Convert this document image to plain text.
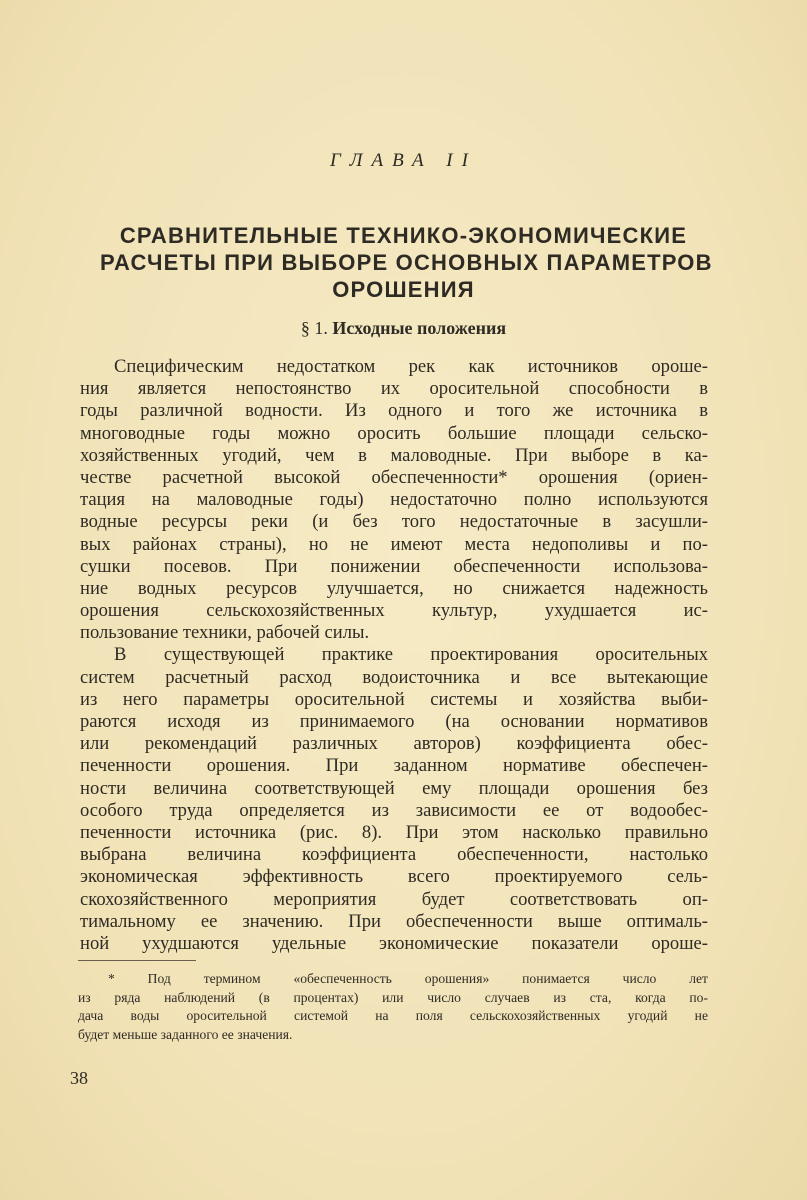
ГЛАВА II
СРАВНИТЕЛЬНЫЕ ТЕХНИКО-ЭКОНОМИЧЕСКИЕ
РАСЧЕТЫ ПРИ ВЫБОРЕ ОСНОВНЫХ ПАРАМЕТРОВ
ОРОШЕНИЯ
§ 1. Исходные положения
Специфическим недостатком рек как источников ороше-
ния является непостоянство их оросительной способности в
годы различной водности. Из одного и того же источника в
многоводные годы можно оросить большие площади сельско-
хозяйственных угодий, чем в маловодные. При выборе в ка-
честве расчетной высокой обеспеченности* орошения (ориен-
тация на маловодные годы) недостаточно полно используются
водные ресурсы реки (и без того недостаточные в засушли-
вых районах страны), но не имеют места недополивы и по-
сушки посевов. При понижении обеспеченности использова-
ние водных ресурсов улучшается, но снижается надежность
орошения сельскохозяйственных культур, ухудшается ис-
пользование техники, рабочей силы.
В существующей практике проектирования оросительных
систем расчетный расход водоисточника и все вытекающие
из него параметры оросительной системы и хозяйства выби-
раются исходя из принимаемого (на основании нормативов
или рекомендаций различных авторов) коэффициента обес-
печенности орошения. При заданном нормативе обеспечен-
ности величина соответствующей ему площади орошения без
особого труда определяется из зависимости ее от водообес-
печенности источника (рис. 8). При этом насколько правильно
выбрана величина коэффициента обеспеченности, настолько
экономическая эффективность всего проектируемого сель-
скохозяйственного мероприятия будет соответствовать оп-
тимальному ее значению. При обеспеченности выше оптималь-
ной ухудшаются удельные экономические показатели ороше-
* Под термином «обеспеченность орошения» понимается число лет
из ряда наблюдений (в процентах) или число случаев из ста, когда по-
дача воды оросительной системой на поля сельскохозяйственных угодий не
будет меньше заданного ее значения.
38
